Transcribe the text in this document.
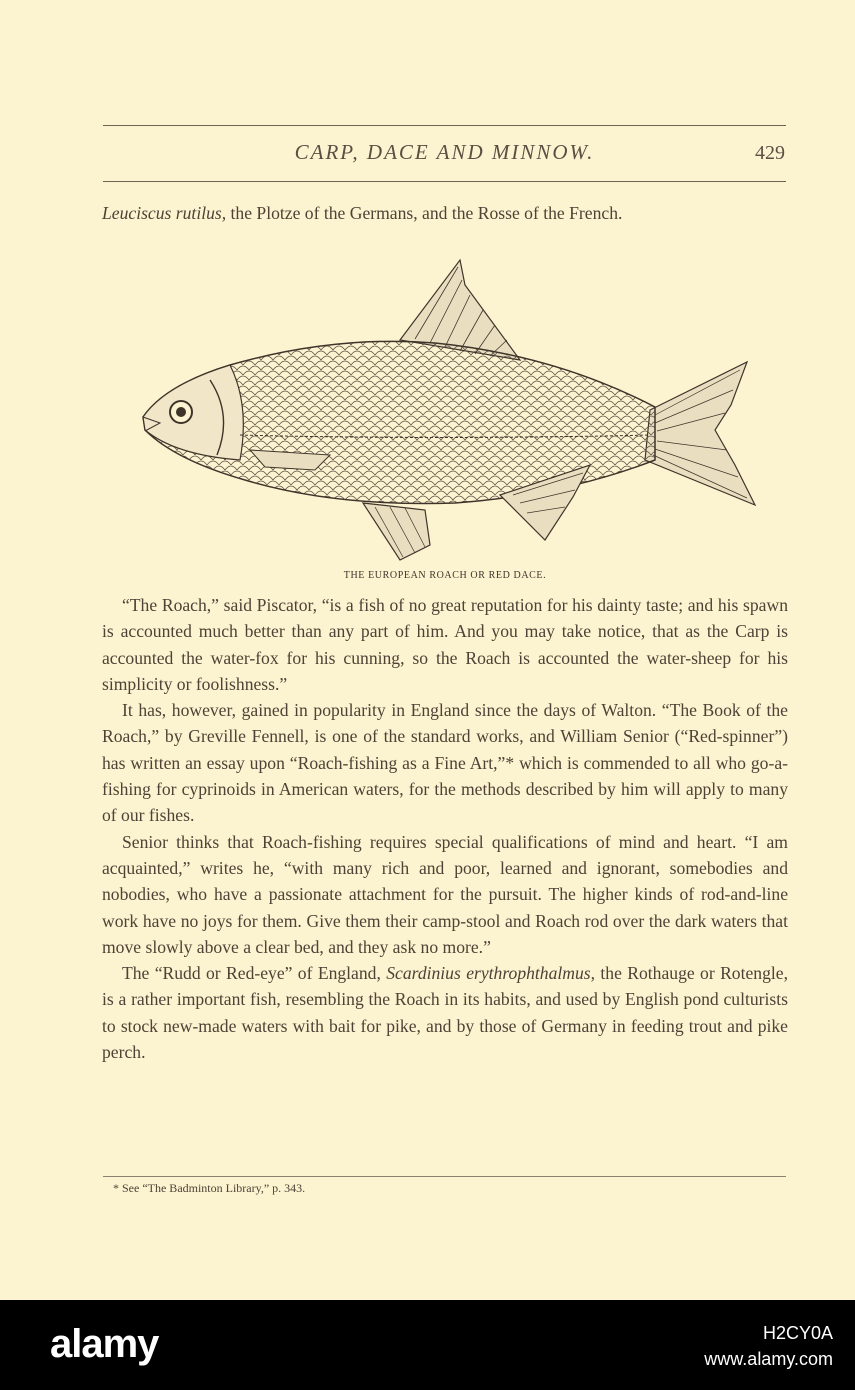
CARP, DACE AND MINNOW.	429

Leuciscus rutilus, the Plotze of the Germans, and the Rosse of the French.

THE EUROPEAN ROACH OR RED DACE.

“The Roach,” said Piscator, “is a fish of no great reputation for his dainty taste; and his spawn is accounted much better than any part of him. And you may take notice, that as the Carp is accounted the water-fox for his cunning, so the Roach is accounted the water-sheep for his simplicity or foolishness.”

It has, however, gained in popularity in England since the days of Walton. “The Book of the Roach,” by Greville Fennell, is one of the standard works, and William Senior (“Red-spinner”) has written an essay upon “Roach-fishing as a Fine Art,”* which is commended to all who go-a-fishing for cyprinoids in American waters, for the methods described by him will apply to many of our fishes.

Senior thinks that Roach-fishing requires special qualifications of mind and heart. “I am acquainted,” writes he, “with many rich and poor, learned and ignorant, somebodies and nobodies, who have a passionate attachment for the pursuit. The higher kinds of rod-and-line work have no joys for them. Give them their camp-stool and Roach rod over the dark waters that move slowly above a clear bed, and they ask no more.”

The “Rudd or Red-eye” of England, Scardinius erythrophthalmus, the Rothauge or Rotengle, is a rather important fish, resembling the Roach in its habits, and used by English pond culturists to stock new-made waters with bait for pike, and by those of Germany in feeding trout and pike perch.

* See “The Badminton Library,” p. 343.
alamy	H2CY0A
www.alamy.com
